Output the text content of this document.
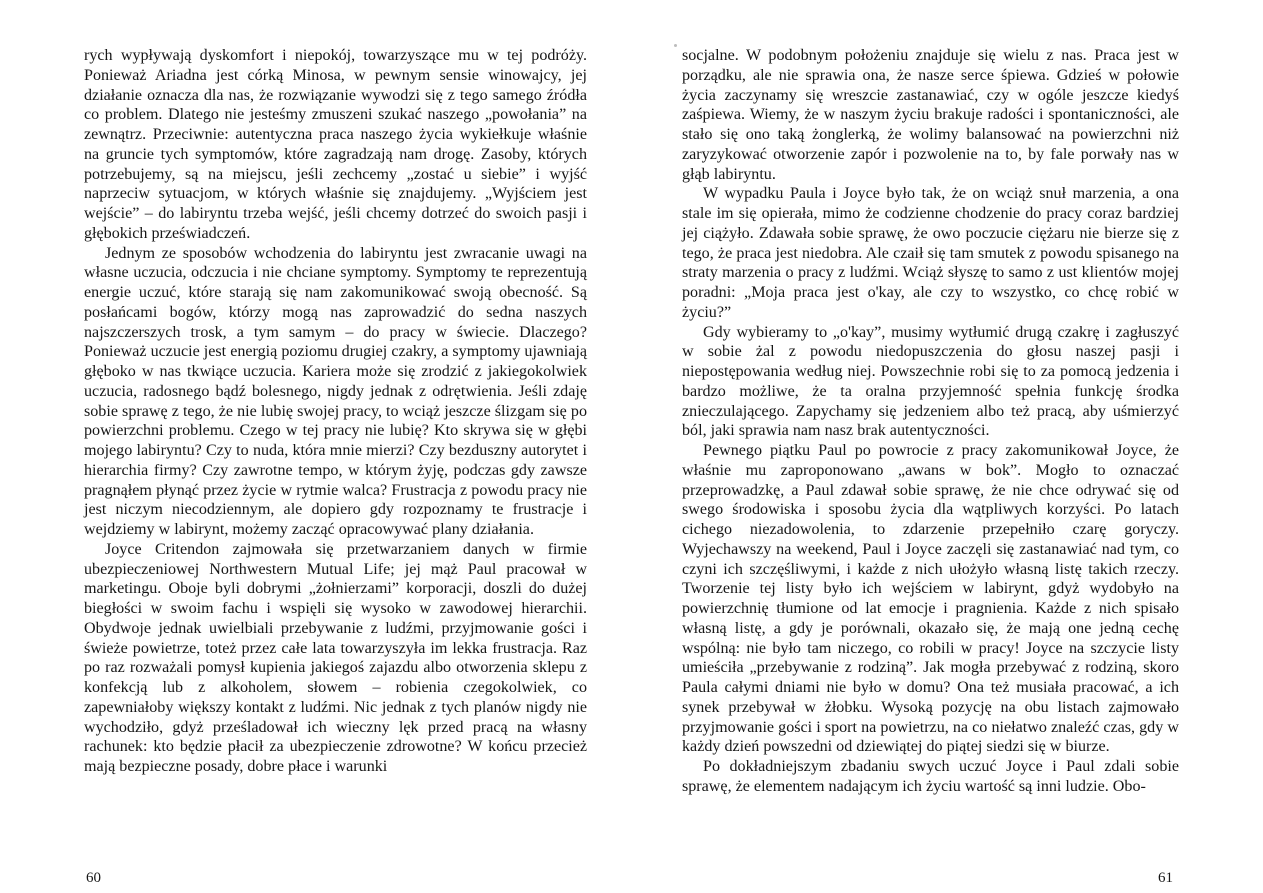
rych wypływają dyskomfort i niepokój, towarzyszące mu w tej podróży. Ponieważ Ariadna jest córką Minosa, w pewnym sensie winowajcy, jej działanie oznacza dla nas, że rozwiązanie wywodzi się z tego samego źródła co problem. Dlatego nie jesteśmy zmuszeni szukać naszego „powołania” na zewnątrz. Przeciwnie: autentyczna praca naszego życia wykiełkuje właśnie na gruncie tych symptomów, które zagradzają nam drogę. Zasoby, których potrzebujemy, są na miejscu, jeśli zechcemy „zostać u siebie” i wyjść naprzeciw sytuacjom, w których właśnie się znajdujemy. „Wyjściem jest wejście” – do labiryntu trzeba wejść, jeśli chcemy dotrzeć do swoich pasji i głębokich przeświadczeń.

Jednym ze sposobów wchodzenia do labiryntu jest zwracanie uwagi na własne uczucia, odczucia i nie chciane symptomy. Symptomy te reprezentują energie uczuć, które starają się nam zakomunikować swoją obecność. Są posłańcami bogów, którzy mogą nas zaprowadzić do sedna naszych najszczerszych trosk, a tym samym – do pracy w świecie. Dlaczego? Ponieważ uczucie jest energią poziomu drugiej czakry, a symptomy ujawniają głęboko w nas tkwiące uczucia. Kariera może się zrodzić z jakiegokolwiek uczucia, radosnego bądź bolesnego, nigdy jednak z odrętwienia. Jeśli zdaję sobie sprawę z tego, że nie lubię swojej pracy, to wciąż jeszcze ślizgam się po powierzchni problemu. Czego w tej pracy nie lubię? Kto skrywa się w głębi mojego labiryntu? Czy to nuda, która mnie mierzi? Czy bezduszny autorytet i hierarchia firmy? Czy zawrotne tempo, w którym żyję, podczas gdy zawsze pragnąłem płynąć przez życie w rytmie walca? Frustracja z powodu pracy nie jest niczym niecodziennym, ale dopiero gdy rozpoznamy te frustracje i wejdziemy w labirynt, możemy zacząć opracowywać plany działania.

Joyce Critendon zajmowała się przetwarzaniem danych w firmie ubezpieczeniowej Northwestern Mutual Life; jej mąż Paul pracował w marketingu. Oboje byli dobrymi „żołnierzami” korporacji, doszli do dużej biegłości w swoim fachu i wspięli się wysoko w zawodowej hierarchii. Obydwoje jednak uwielbiali przebywanie z ludźmi, przyjmowanie gości i świeże powietrze, toteż przez całe lata towarzyszyła im lekka frustracja. Raz po raz rozważali pomysł kupienia jakiegoś zajazdu albo otworzenia sklepu z konfekcją lub z alkoholem, słowem – robienia czegokolwiek, co zapewniałoby większy kontakt z ludźmi. Nic jednak z tych planów nigdy nie wychodziło, gdyż prześladował ich wieczny lęk przed pracą na własny rachunek: kto będzie płacił za ubezpieczenie zdrowotne? W końcu przecież mają bezpieczne posady, dobre płace i warunki

60

socjalne. W podobnym położeniu znajduje się wielu z nas. Praca jest w porządku, ale nie sprawia ona, że nasze serce śpiewa. Gdzieś w połowie życia zaczynamy się wreszcie zastanawiać, czy w ogóle jeszcze kiedyś zaśpiewa. Wiemy, że w naszym życiu brakuje radości i spontaniczności, ale stało się ono taką żonglerką, że wolimy balansować na powierzchni niż zaryzykować otworzenie zapór i pozwolenie na to, by fale porwały nas w głąb labiryntu.

W wypadku Paula i Joyce było tak, że on wciąż snuł marzenia, a ona stale im się opierała, mimo że codzienne chodzenie do pracy coraz bardziej jej ciążyło. Zdawała sobie sprawę, że owo poczucie ciężaru nie bierze się z tego, że praca jest niedobra. Ale czaił się tam smutek z powodu spisanego na straty marzenia o pracy z ludźmi. Wciąż słyszę to samo z ust klientów mojej poradni: „Moja praca jest o'kay, ale czy to wszystko, co chcę robić w życiu?”

Gdy wybieramy to „o'kay”, musimy wytłumić drugą czakrę i zagłuszyć w sobie żal z powodu niedopuszczenia do głosu naszej pasji i niepostępowania według niej. Powszechnie robi się to za pomocą jedzenia i bardzo możliwe, że ta oralna przyjemność spełnia funkcję środka znieczulającego. Zapychamy się jedzeniem albo też pracą, aby uśmierzyć ból, jaki sprawia nam nasz brak autentyczności.

Pewnego piątku Paul po powrocie z pracy zakomunikował Joyce, że właśnie mu zaproponowano „awans w bok”. Mogło to oznaczać przeprowadzkę, a Paul zdawał sobie sprawę, że nie chce odrywać się od swego środowiska i sposobu życia dla wątpliwych korzyści. Po latach cichego niezadowolenia, to zdarzenie przepełniło czarę goryczy. Wyjechawszy na weekend, Paul i Joyce zaczęli się zastanawiać nad tym, co czyni ich szczęśliwymi, i każde z nich ułożyło własną listę takich rzeczy. Tworzenie tej listy było ich wejściem w labirynt, gdyż wydobyło na powierzchnię tłumione od lat emocje i pragnienia. Każde z nich spisało własną listę, a gdy je porównali, okazało się, że mają one jedną cechę wspólną: nie było tam niczego, co robili w pracy! Joyce na szczycie listy umieściła „przebywanie z rodziną”. Jak mogła przebywać z rodziną, skoro Paula całymi dniami nie było w domu? Ona też musiała pracować, a ich synek przebywał w żłobku. Wysoką pozycję na obu listach zajmowało przyjmowanie gości i sport na powietrzu, na co niełatwo znaleźć czas, gdy w każdy dzień powszedni od dziewiątej do piątej siedzi się w biurze.

Po dokładniejszym zbadaniu swych uczuć Joyce i Paul zdali sobie sprawę, że elementem nadającym ich życiu wartość są inni ludzie. Obo-

61
